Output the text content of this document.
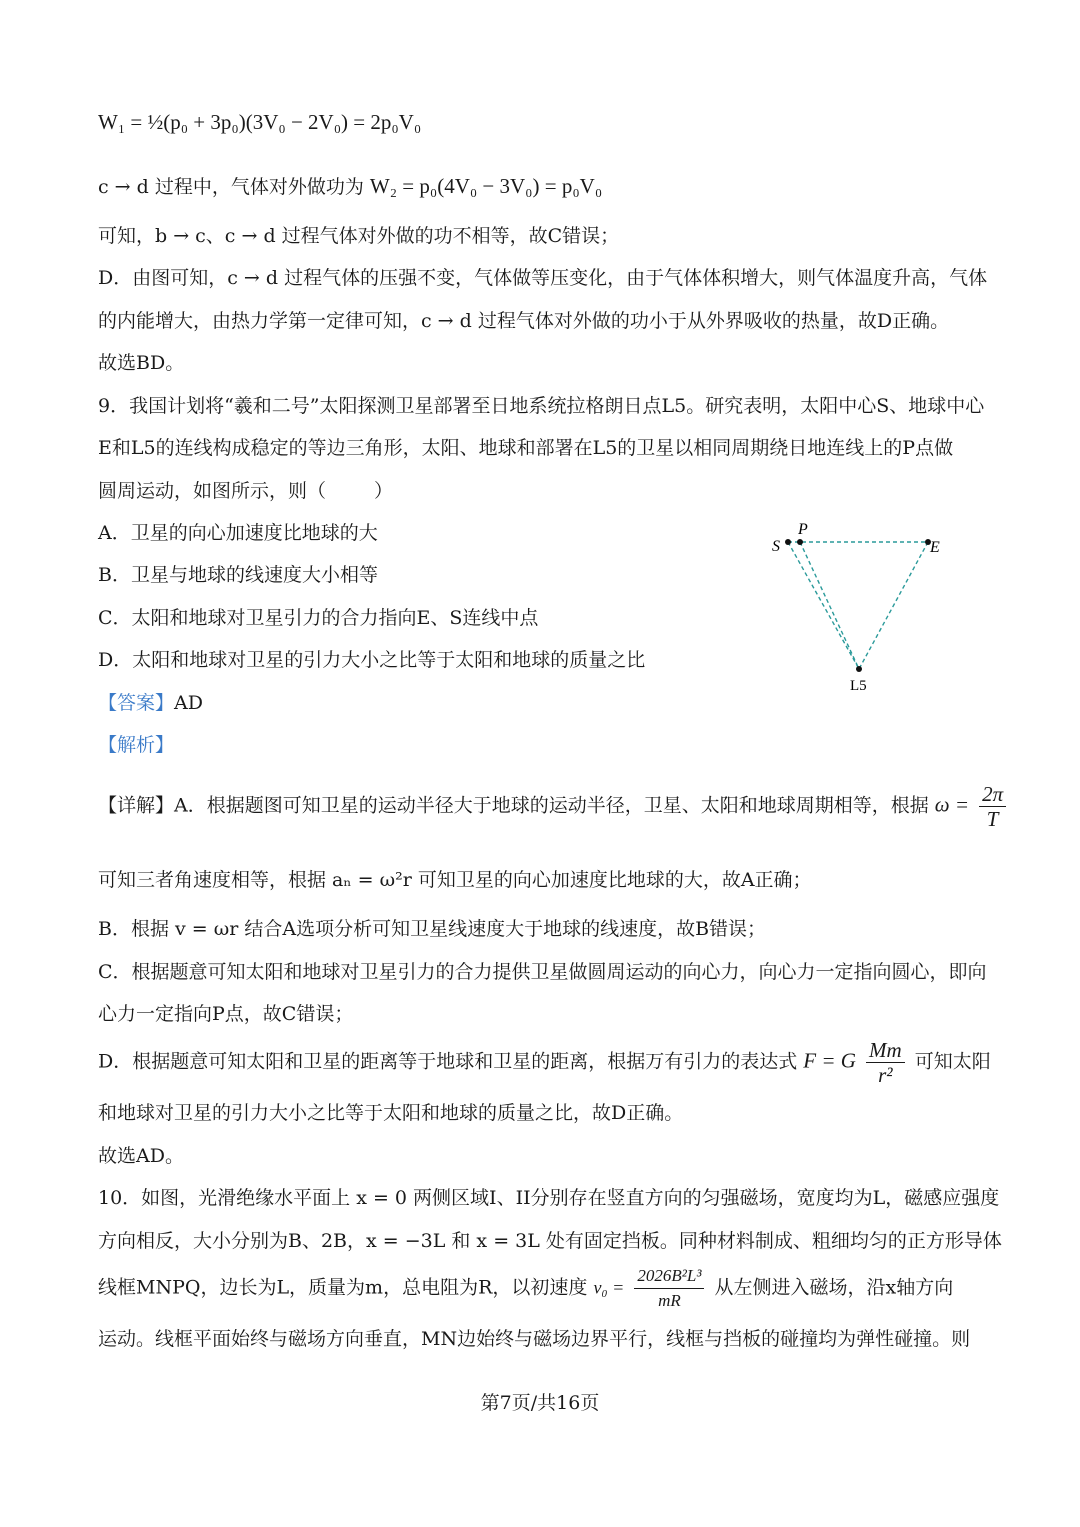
W₁ = ½(p₀ + 3p₀)(3V₀ − 2V₀) = 2p₀V₀
c → d 过程中，气体对外做功为 W₂ = p₀(4V₀ − 3V₀) = p₀V₀
可知，b → c、c → d 过程气体对外做的功不相等，故C错误；
D．由图可知，c → d 过程气体的压强不变，气体做等压变化，由于气体体积增大，则气体温度升高，气体
的内能增大，由热力学第一定律可知，c → d 过程气体对外做的功小于从外界吸收的热量，故D正确。
故选BD。
9．我国计划将“羲和二号”太阳探测卫星部署至日地系统拉格朗日点L5。研究表明，太阳中心S、地球中心
E和L5的连线构成稳定的等边三角形，太阳、地球和部署在L5的卫星以相同周期绕日地连线上的P点做
圆周运动，如图所示，则（	）
A．卫星的向心加速度比地球的大
B．卫星与地球的线速度大小相等
C．太阳和地球对卫星引力的合力指向E、S连线中点
D．太阳和地球对卫星的引力大小之比等于太阳和地球的质量之比
S
P
E
L5
【答案】AD
【解析】
【详解】A．根据题图可知卫星的运动半径大于地球的运动半径，卫星、太阳和地球周期相等，根据 $\omega = \frac{2\pi}{T}$
可知三者角速度相等，根据 aₙ = ω²r 可知卫星的向心加速度比地球的大，故A正确；
B．根据 v = ωr 结合A选项分析可知卫星线速度大于地球的线速度，故B错误；
C．根据题意可知太阳和地球对卫星引力的合力提供卫星做圆周运动的向心力，向心力一定指向圆心，即向
心力一定指向P点，故C错误；
D．根据题意可知太阳和卫星的距离等于地球和卫星的距离，根据万有引力的表达式 F = G $\frac{Mm}{\text{r²}}$ 可知太阳
和地球对卫星的引力大小之比等于太阳和地球的质量之比，故D正确。
故选AD。
10．如图，光滑绝缘水平面上 x = 0 两侧区域I、II分别存在竖直方向的匀强磁场，宽度均为L，磁感应强度
方向相反，大小分别为B、2B，x = −3L 和 x = 3L 处有固定挡板。同种材料制成、粗细均匀的正方形导体
线框MNPQ，边长为L，质量为m，总电阻为R，以初速度 $v_0 = \frac{\text{2026B²L³}}{mR}$ 从左侧进入磁场，沿x轴方向
运动。线框平面始终与磁场方向垂直，MN边始终与磁场边界平行，线框与挡板的碰撞均为弹性碰撞。则
第7页/共16页
